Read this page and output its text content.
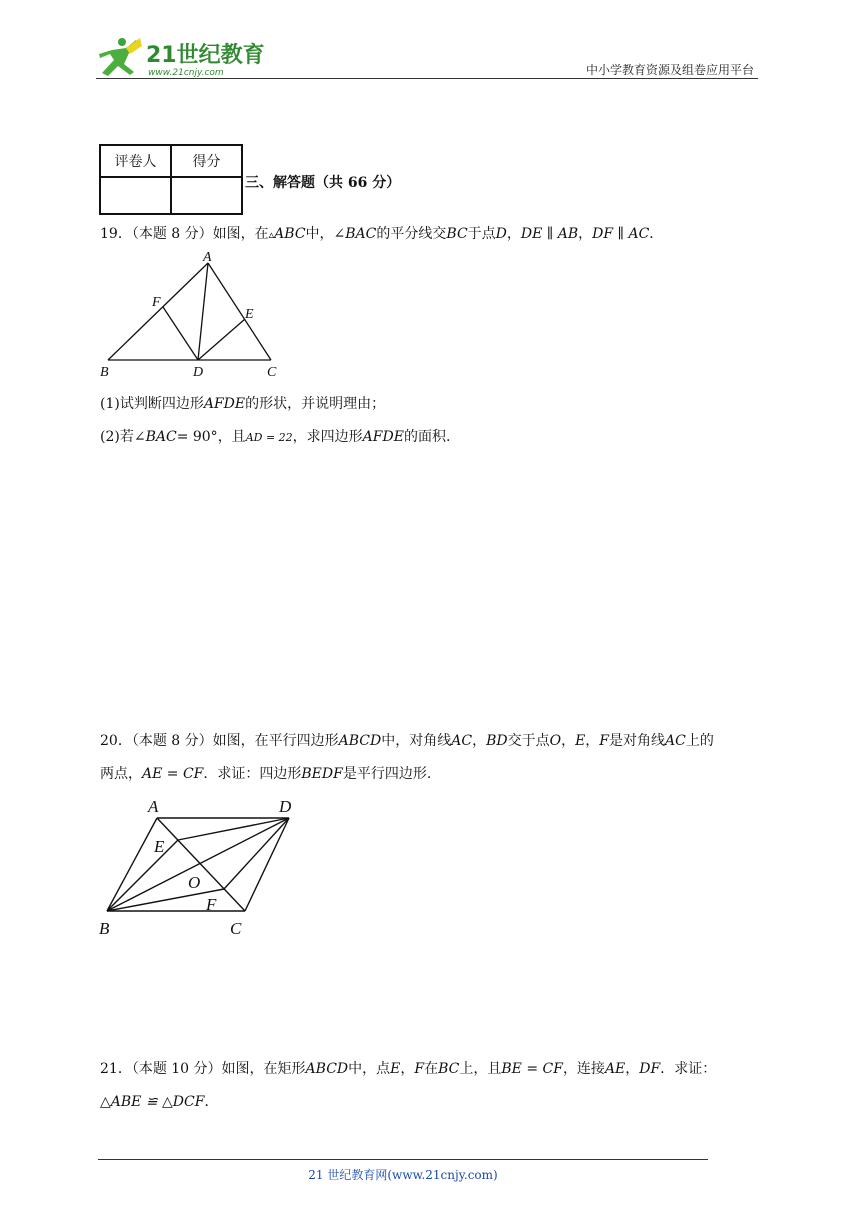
21世纪教育
www.21cnjy.com	中小学教育资源及组卷应用平台
评卷人	得分

三、解答题（共 66 分）
19．（本题 8 分）如图，在▵ABC中，∠BAC的平分线交BC于点D，DE ∥ AB，DF ∥ AC．
A
B	C
D
E
F
(1)试判断四边形AFDE的形状，并说明理由；
(2)若∠BAC= 90°，且AD = 22，求四边形AFDE的面积.
20．（本题 8 分）如图，在平行四边形ABCD中，对角线AC，BD交于点O，E，F是对角线AC上的
两点，AE = CF．求证：四边形BEDF是平行四边形.
A	D
B	C
E
O
F
21．（本题 10 分）如图，在矩形ABCD中，点E，F在BC上，且BE = CF，连接AE，DF．求证：
△ABE ≌ △DCF．
21 世纪教育网(www.21cnjy.com)
